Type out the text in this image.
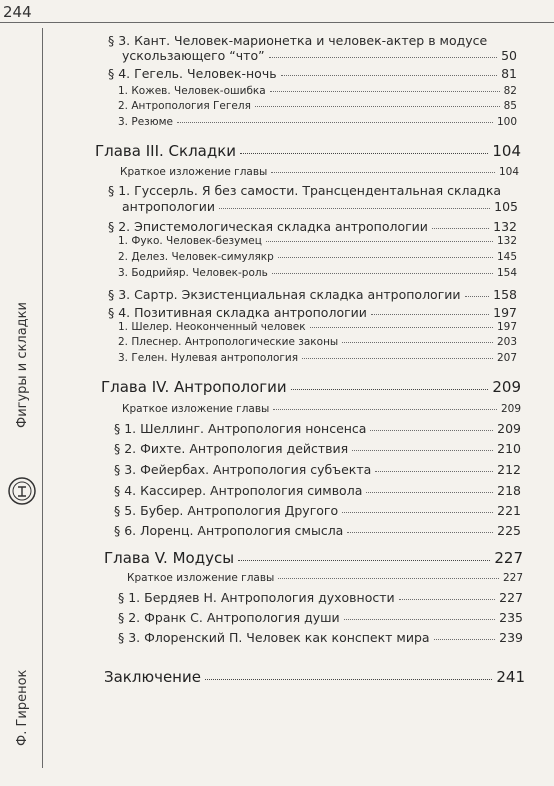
244
Фигуры и складки
Ф. Гиренок
§ 3. Кант. Человек-марионетка и человек-актер в модусе
ускользающего “что”	50
§ 4. Гегель. Человек-ночь	81
1. Кожев. Человек-ошибка	82
2. Антропология Гегеля	85
3. Резюме	100
Глава III. Складки	104
Краткое изложение главы	104
§ 1. Гуссерль. Я без самости. Трансцендентальная складка
антропологии	105
§ 2. Эпистемологическая складка антропологии	132
1. Фуко. Человек-безумец	132
2. Делез. Человек-симулякр	145
3. Бодрийяр. Человек-роль	154
§ 3. Сартр. Экзистенциальная складка антропологии	158
§ 4. Позитивная складка антропологии	197
1. Шелер. Неоконченный человек	197
2. Плеснер. Антропологические законы	203
3. Гелен. Нулевая антропология	207
Глава IV. Антропологии	209
Краткое изложение главы	209
§ 1. Шеллинг. Антропология нонсенса	209
§ 2. Фихте. Антропология действия	210
§ 3. Фейербах. Антропология субъекта	212
§ 4. Кассирер. Антропология символа	218
§ 5. Бубер. Антропология Другого	221
§ 6. Лоренц. Антропология смысла	225
Глава V. Модусы	227
Краткое изложение главы	227
§ 1. Бердяев Н. Антропология духовности	227
§ 2. Франк С. Антропология души	235
§ 3. Флоренский П. Человек как конспект мира	239
Заключение	241
